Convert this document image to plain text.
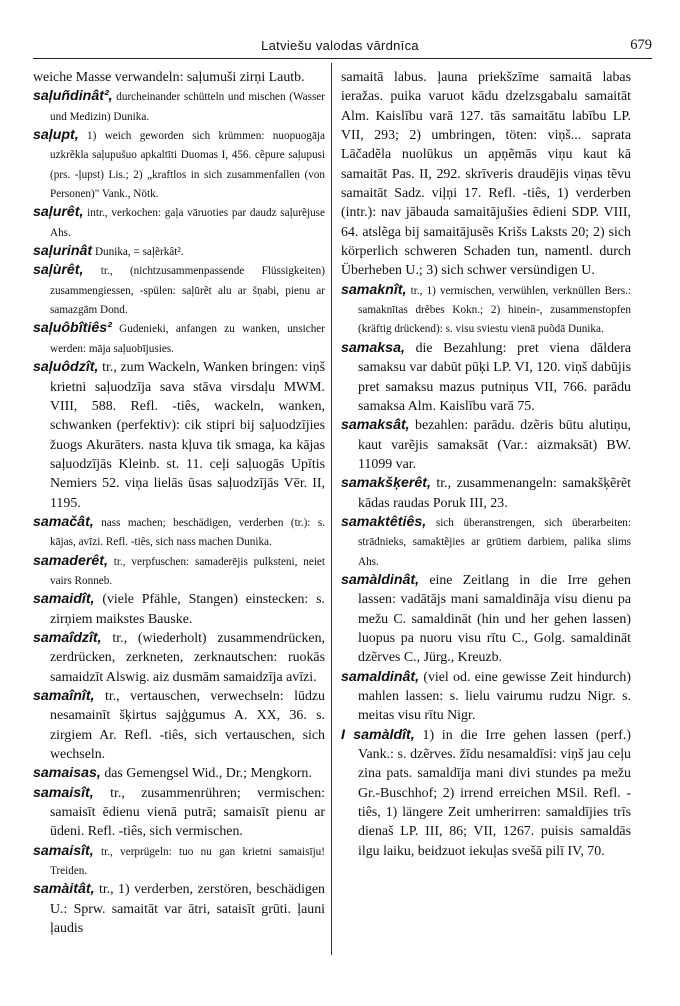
Latviešu valodas vārdnīca	679

weiche Masse verwandeln: saļumuši zirņi Lautb.

saļuñdinât², durcheinander schütteln und mischen (Wasser und Medizin) Dunika.

saļupt, 1) weich geworden sich krümmen: nuopuogāja uzkrẽkla saļupušuo apkaltīti Duomas I, 456. cẽpure saļupusi (prs. -ļupst) Lis.; 2) „kraftlos in sich zusammenfallen (von Personen)" Vank., Nötk.

saļurêt, intr., verkochen: gaļa vāruoties par daudz saļurẽjuse Ahs.

saļurinât Dunika, = saļẽrkât².

saļùrêt, tr., (nichtzusammenpassende Flüssigkeiten) zusammengiessen, -spülen: saļūrẽt alu ar šņabi, pienu ar samazgām Dond.

saļuôbîtiês² Gudenieki, anfangen zu wanken, unsicher werden: māja saļuobījusies.

saļuôdzît, tr., zum Wackeln, Wanken bringen: viņš krietni saļuodzīja sava stāva virsdaļu MWM. VIII, 588. Refl. -tiês, wackeln, wanken, schwanken (perfektiv): cik stipri bij saļuodzījies žuogs Akurāters. nasta kļuva tik smaga, ka kājas saļuodzījās Kleinb. st. 11. ceļi saļuogās Upītis Nemiers 52. viņa lielās ūsas saļuodzījās Vēr. II, 1195.

samačât, nass machen; beschädigen, verderben (tr.): s. kājas, avīzi. Refl. -tiês, sich nass machen Dunika.

samaderêt, tr., verpfuschen: samaderējis pulksteni, neiet vairs Ronneb.

samaidît, (viele Pfähle, Stangen) einstecken: s. zirņiem maikstes Bauske.

samaîdzît, tr., (wiederholt) zusammendrücken, zerdrücken, zerkneten, zerknautschen: ruokās samaidzīt Alswig. aiz dusmām samaidzīja avīzi.

samaînît, tr., vertauschen, verwechseln: lūdzu nesamainīt šķirtus sajģgumus A. XX, 36. s. zirgiem Ar. Refl. -tiês, sich vertauschen, sich wechseln.

samaisas, das Gemengsel Wid., Dr.; Mengkorn.

samaisît, tr., zusammenrühren; vermischen: samaisīt ēdienu vienā putrā; samaisīt pienu ar ūdeni. Refl. -tiês, sich vermischen.

samaisît, tr., verprügeln: tuo nu gan krietni samaisīju! Treiden.

samàitât, tr., 1) verderben, zerstören, beschädigen U.: Sprw. samaitāt var ātri, sataisīt grūti. ļauni ļaudis

samaitā labus. ļauna priekšzīme samaitā labas ieražas. puika varuot kādu dzelzsgabalu samaitāt Alm. Kaislību varā 127. tās samaitātu labību LP. VII, 293; 2) umbringen, töten: viņš... saprata Lāčadẽla nuolūkus un apņẽmās viņu kaut kā samaitāt Pas. II, 292. skrīveris draudējis viņas tẽvu samaitāt Sadz. viļņi 17. Refl. -tiês, 1) verderben (intr.): nav jābauda samaitājušies ēdieni SDP. VIII, 64. atslẽga bij samaitājusẽs Krišs Laksts 20; 2) sich körperlich schweren Schaden tun, namentl. durch Überheben U.; 3) sich schwer versündigen U.

samaknît, tr., 1) vermischen, verwühlen, verknüllen Bers.: samaknītas drẽbes Kokn.; 2) hinein-, zusammenstopfen (kräftig drückend): s. visu sviestu vienā puõdā Dunika.

samaksa, die Bezahlung: pret vienа dālderа samaksu var dabūt pūķi LP. VI, 120. viņš dabūjis pret samaksu mazus putniņus VII, 766. parādu samaksa Alm. Kaislību varā 75.

samaksât, bezahlen: parādu. dzẽris būtu alutiņu, kaut varẽjis samaksāt (Var.: aizmaksāt) BW. 11099 var.

samakšķerêt, tr., zusammenangeln: samakšķẽrẽt kādas raudas Poruk III, 23.

samaktêtiês, sich überanstrengen, sich überarbeiten: strādnieks, samaktẽjies ar grūtiem darbiem, palika slims Ahs.

samàldinât, eine Zeitlang in die Irre gehen lassen: vadātājs mani samaldināja visu dienu pa mežu C. samaldināt (hin und her gehen lassen) luopus pa nuoru visu rītu C., Golg. samaldināt dzẽrves C., Jürg., Kreuzb.

samaldinât, (viel od. eine gewisse Zeit hindurch) mahlen lassen: s. lielu vairumu rudzu Nigr. s. meitas visu rītu Nigr.

I samàldît, 1) in die Irre gehen lassen (perf.) Vank.: s. dzẽrves. žīdu nesamaldīsi: viņš jau ceļu zina pats. samaldīja mani divi stundes pa mežu Gr.-Buschhof; 2) irrend erreichen MSil. Refl. -tiês, 1) längere Zeit umherirren: samaldījies trīs dienaš LP. III, 86; VII, 1267. puisis samaldās ilgu laiku, beidzuot iekuļas svešā pilī IV, 70.
